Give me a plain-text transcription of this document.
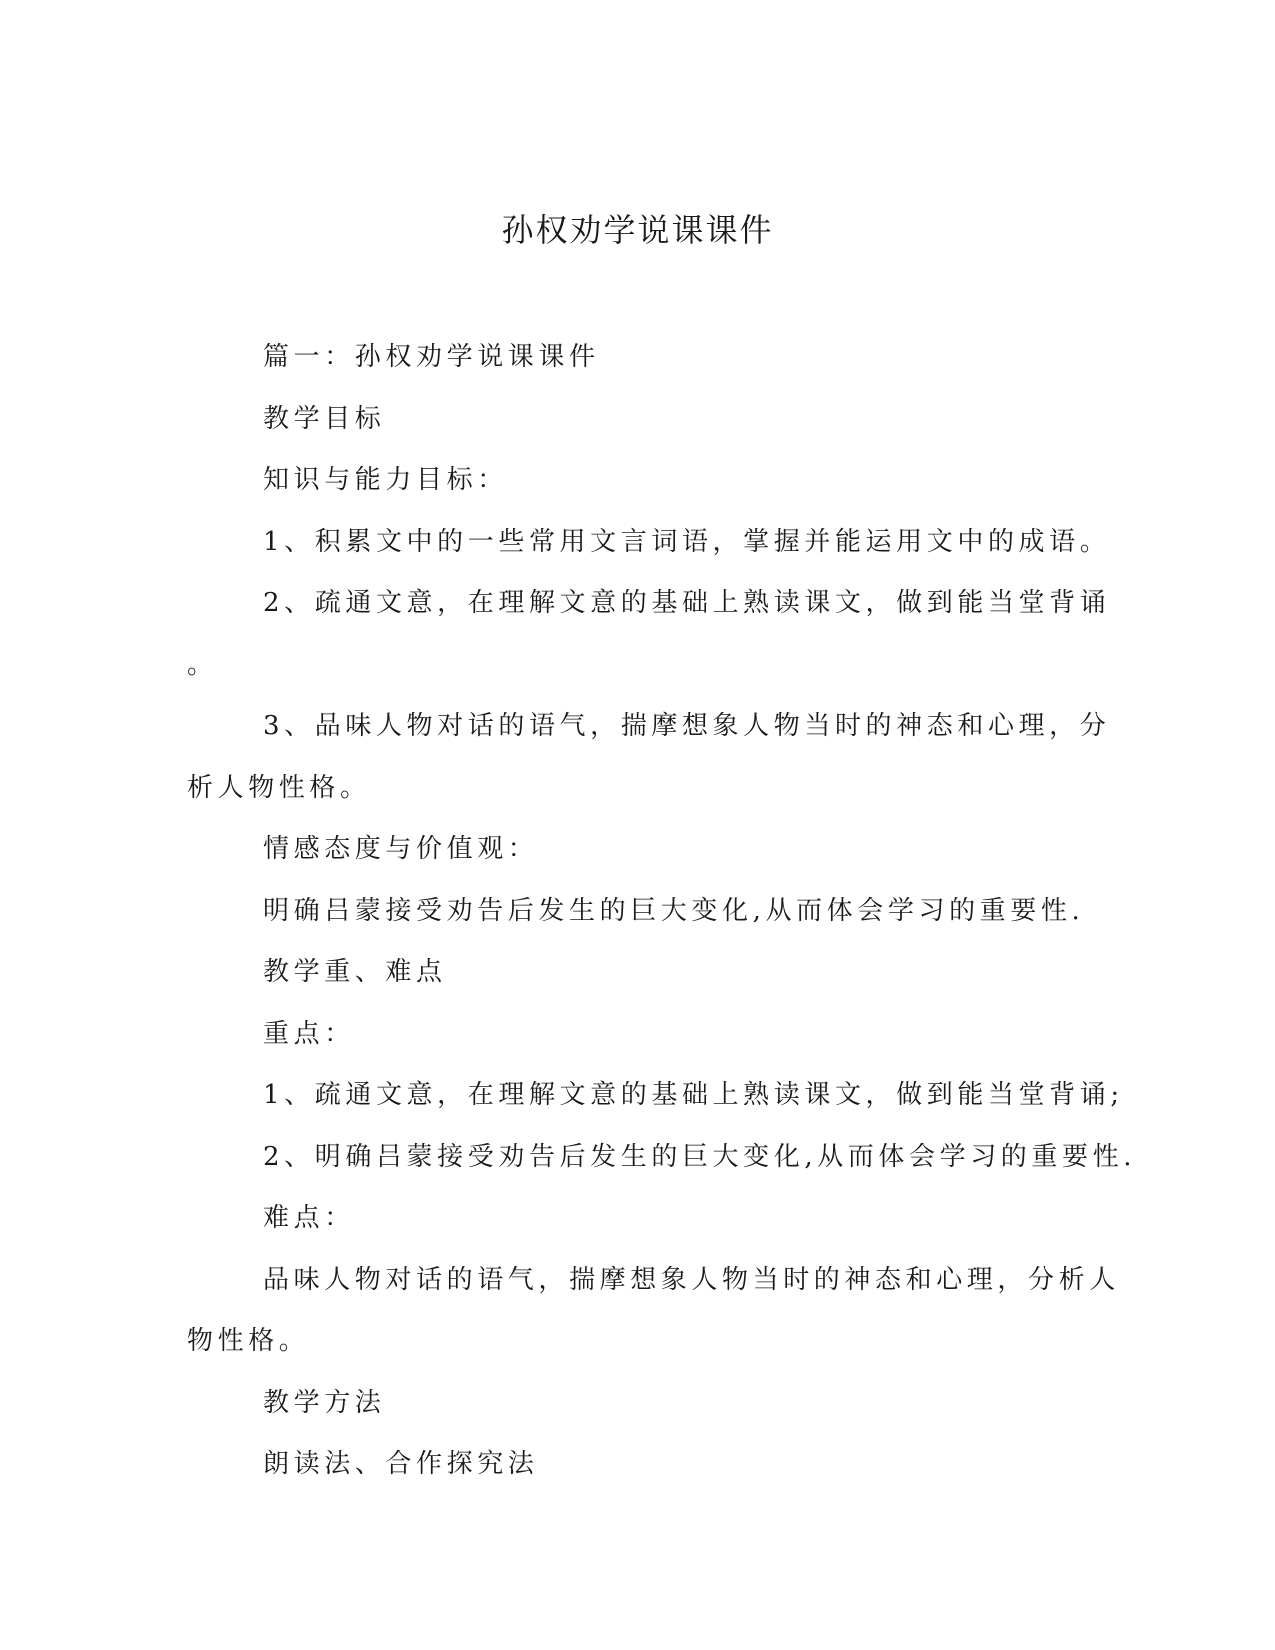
孙权劝学说课课件

篇一：孙权劝学说课课件

教学目标

知识与能力目标：

1、积累文中的一些常用文言词语，掌握并能运用文中的成语。

2、疏通文意，在理解文意的基础上熟读课文，做到能当堂背诵

。

3、品味人物对话的语气，揣摩想象人物当时的神态和心理，分

析人物性格。

情感态度与价值观：

明确吕蒙接受劝告后发生的巨大变化,从而体会学习的重要性.

教学重、难点

重点：

1、疏通文意，在理解文意的基础上熟读课文，做到能当堂背诵;

2、明确吕蒙接受劝告后发生的巨大变化,从而体会学习的重要性.

难点：

品味人物对话的语气，揣摩想象人物当时的神态和心理，分析人

物性格。

教学方法

朗读法、合作探究法
